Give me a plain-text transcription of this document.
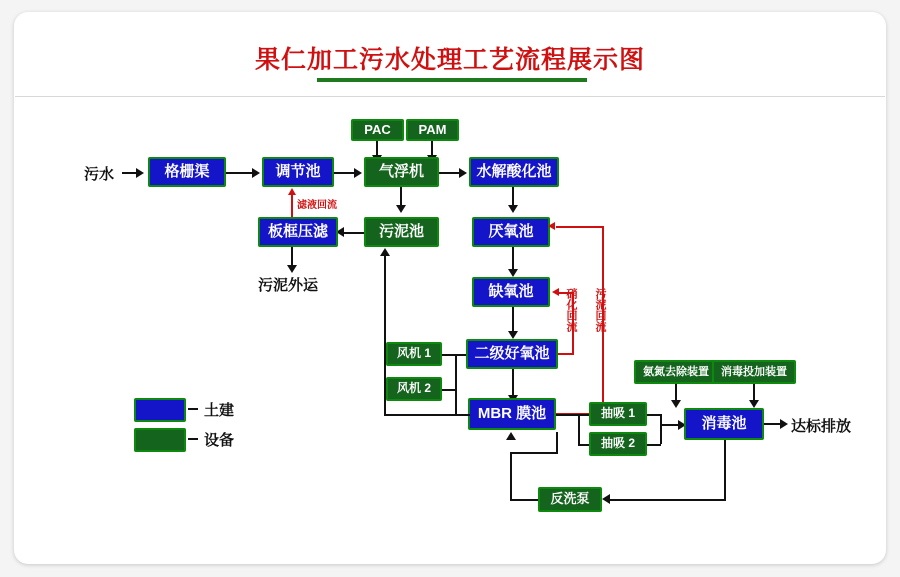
果仁加工污水处理工艺流程展示图
PAC	PAM
污水	格栅渠	调节池	气浮机	水解酸化池
污泥池
板框压滤
滤液回流
污泥外运
厌氧池
缺氧池
二级好氧池
MBR 膜池
硝化回流 污泥回流
风机 1
风机 2
抽吸 1
抽吸 2
氨氮去除装置	消毒投加装置
消毒池	达标排放
反洗泵
土建
设备
